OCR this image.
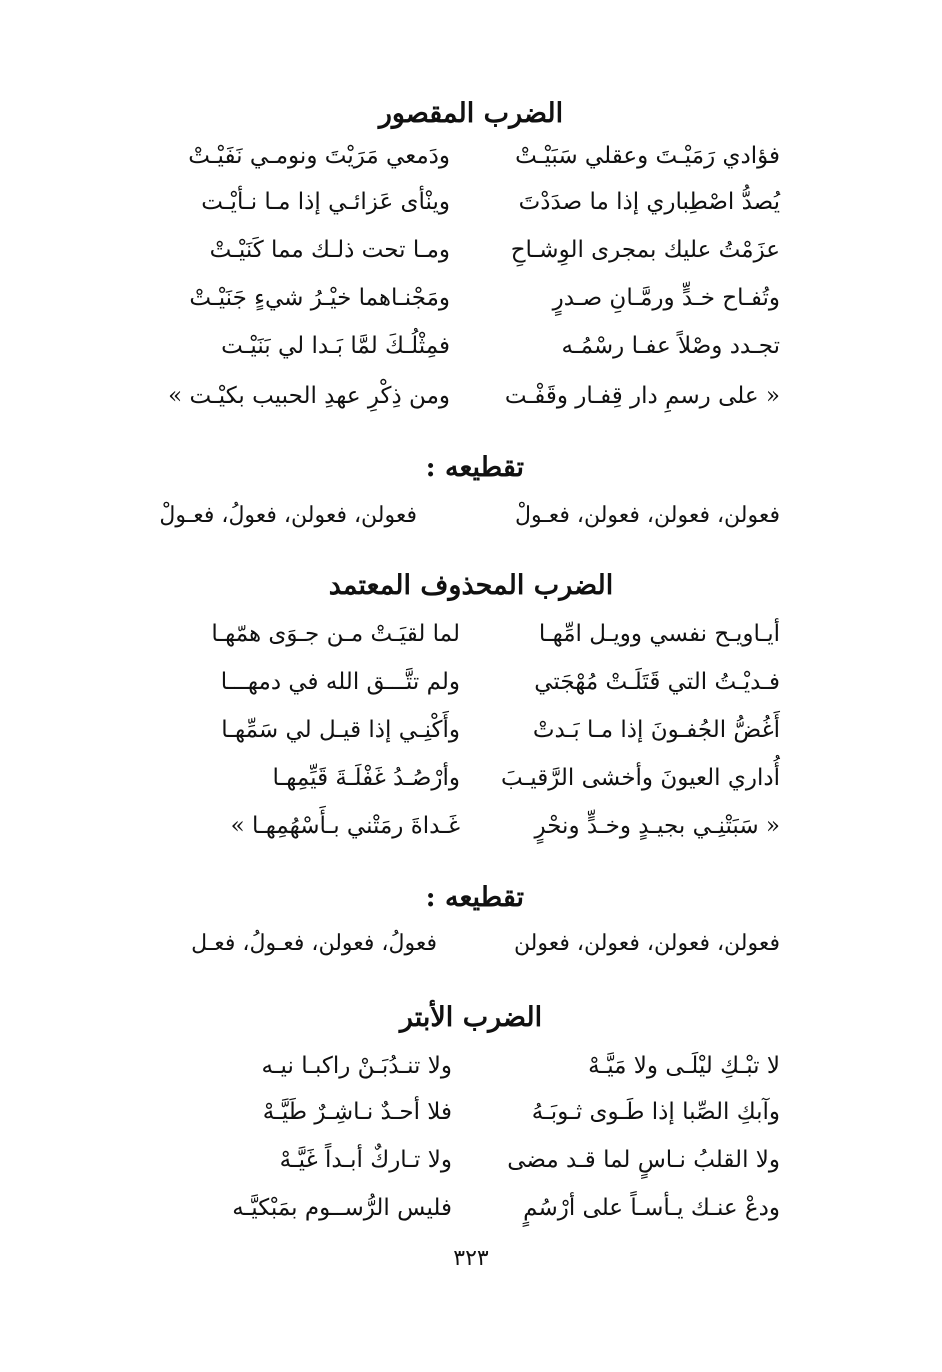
الضرب المقصور
فؤادي رَمَيْـتَ وعقلي سَبَيْـتْ
ودَمعي مَرَيْتَ ونومـي نَفَيْـتْ
يُصدُّ اصْطِباري إذا ما صدَدْتَ
وينْأى عَزائـي إذا مـا نـأيْـت
عزَمْتُ عليك بمجرى الوِشـاحِ
ومـا تحت ذلـك مما كَنَيْـتْ
وتُفـاح خـدٍّ ورمَّـانِ صـدرٍ
ومَجْنـاهما خيْـرُ شيءٍ جَنَيْـتْ
تجـدد وصْلاً عفـا رسْمُـه
فمِثْلُـكَ لمَّا بَـدا لي بَنَيْـت
« على رسمِ دار قِفـار وقَفْـت
ومن ذِكْرِ عهدِ الحبيب بكيْـت »
تقطيعه :
فعولن، فعولن، فعولن، فعـولْ
فعولن، فعولن، فعولُ، فعـولْ
الضرب المحذوف المعتمد
أيـاويـح نفسي وويـل امِّهـا
لما لقيَـتْ مـن جـوَى همّهـا
فـديْـتُ التي قَتَلَـتْ مُهْجَتي
ولم تتَّـــق الله في دمهـــا
أَغُضُّ الجُفـونَ إذا مـا بَـدتْ
وأَكْنِـي إذا قيـل لي سَمِّهـا
أُداري العيونَ وأخشى الرَّقيـبَ
وأرْصُـدُ غَفْلَـةَ قَيِّمِهـا
« سَبَتْنِـي بجيـدٍ وخـدٍّ ونحْرٍ
غَـداةَ رمَتْني بـأَسْهُمِهـا »
تقطيعه :
فعولن، فعولن، فعولن، فعولن
فعولُ، فعولن، فعـولُ، فعـل
الضرب الأبتر
لا تبْـكِ ليْلَـى ولا مَيَّـهْ
ولا تنـدُبَـنْ راكبـا نيـه
وآبكِ الصِّبا إذا طَـوى ثـوبَـهُ
فلا أحـدٌ نـاشِـرٌ طَيَّـهْ
ولا القلبُ نـاسٍ لما قـد مضى
ولا تـاركٌ أبـداً غَيَّـهْ
ودعْ عنـك يـأسـاً على أرْسُمٍ
فليس الرُّســوم بمَبْكيَّـه
٣٢٣
